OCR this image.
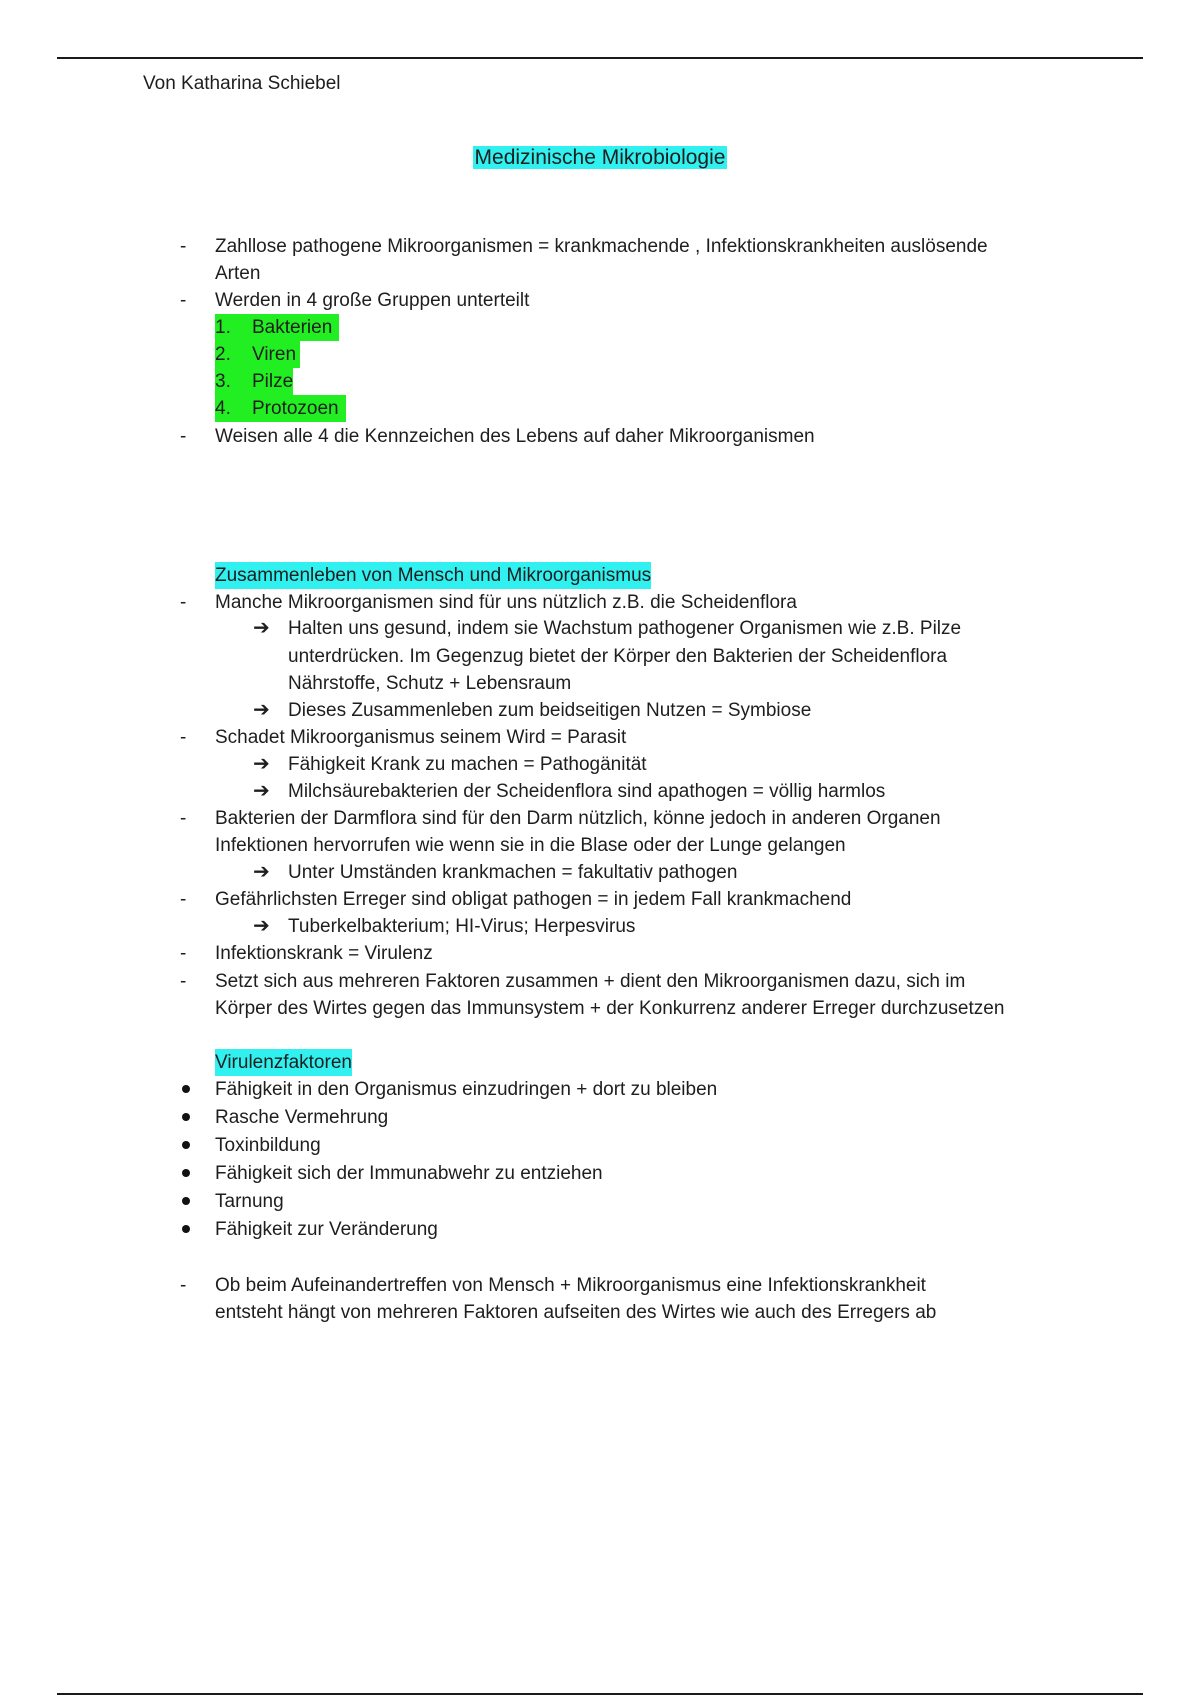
Von Katharina Schiebel
Medizinische Mikrobiologie
- Zahllose pathogene Mikroorganismen = krankmachende , Infektionskrankheiten auslösende
Arten
- Werden in 4 große Gruppen unterteilt
1. Bakterien
2. Viren
3. Pilze
4. Protozoen
- Weisen alle 4 die Kennzeichen des Lebens auf daher Mikroorganismen
Zusammenleben von Mensch und Mikroorganismus
- Manche Mikroorganismen sind für uns nützlich z.B. die Scheidenflora
➔ Halten uns gesund, indem sie Wachstum pathogener Organismen wie z.B. Pilze
unterdrücken. Im Gegenzug bietet der Körper den Bakterien der Scheidenflora
Nährstoffe, Schutz + Lebensraum
➔ Dieses Zusammenleben zum beidseitigen Nutzen = Symbiose
- Schadet Mikroorganismus seinem Wird = Parasit
➔ Fähigkeit Krank zu machen = Pathogänität
➔ Milchsäurebakterien der Scheidenflora sind apathogen = völlig harmlos
- Bakterien der Darmflora sind für den Darm nützlich, könne jedoch in anderen Organen
Infektionen hervorrufen wie wenn sie in die Blase oder der Lunge gelangen
➔ Unter Umständen krankmachen = fakultativ pathogen
- Gefährlichsten Erreger sind obligat pathogen = in jedem Fall krankmachend
➔ Tuberkelbakterium; HI-Virus; Herpesvirus
- Infektionskrank = Virulenz
- Setzt sich aus mehreren Faktoren zusammen + dient den Mikroorganismen dazu, sich im
Körper des Wirtes gegen das Immunsystem + der Konkurrenz anderer Erreger durchzusetzen
Virulenzfaktoren
Fähigkeit in den Organismus einzudringen + dort zu bleiben
Rasche Vermehrung
Toxinbildung
Fähigkeit sich der Immunabwehr zu entziehen
Tarnung
Fähigkeit zur Veränderung
- Ob beim Aufeinandertreffen von Mensch + Mikroorganismus eine Infektionskrankheit
entsteht hängt von mehreren Faktoren aufseiten des Wirtes wie auch des Erregers ab
